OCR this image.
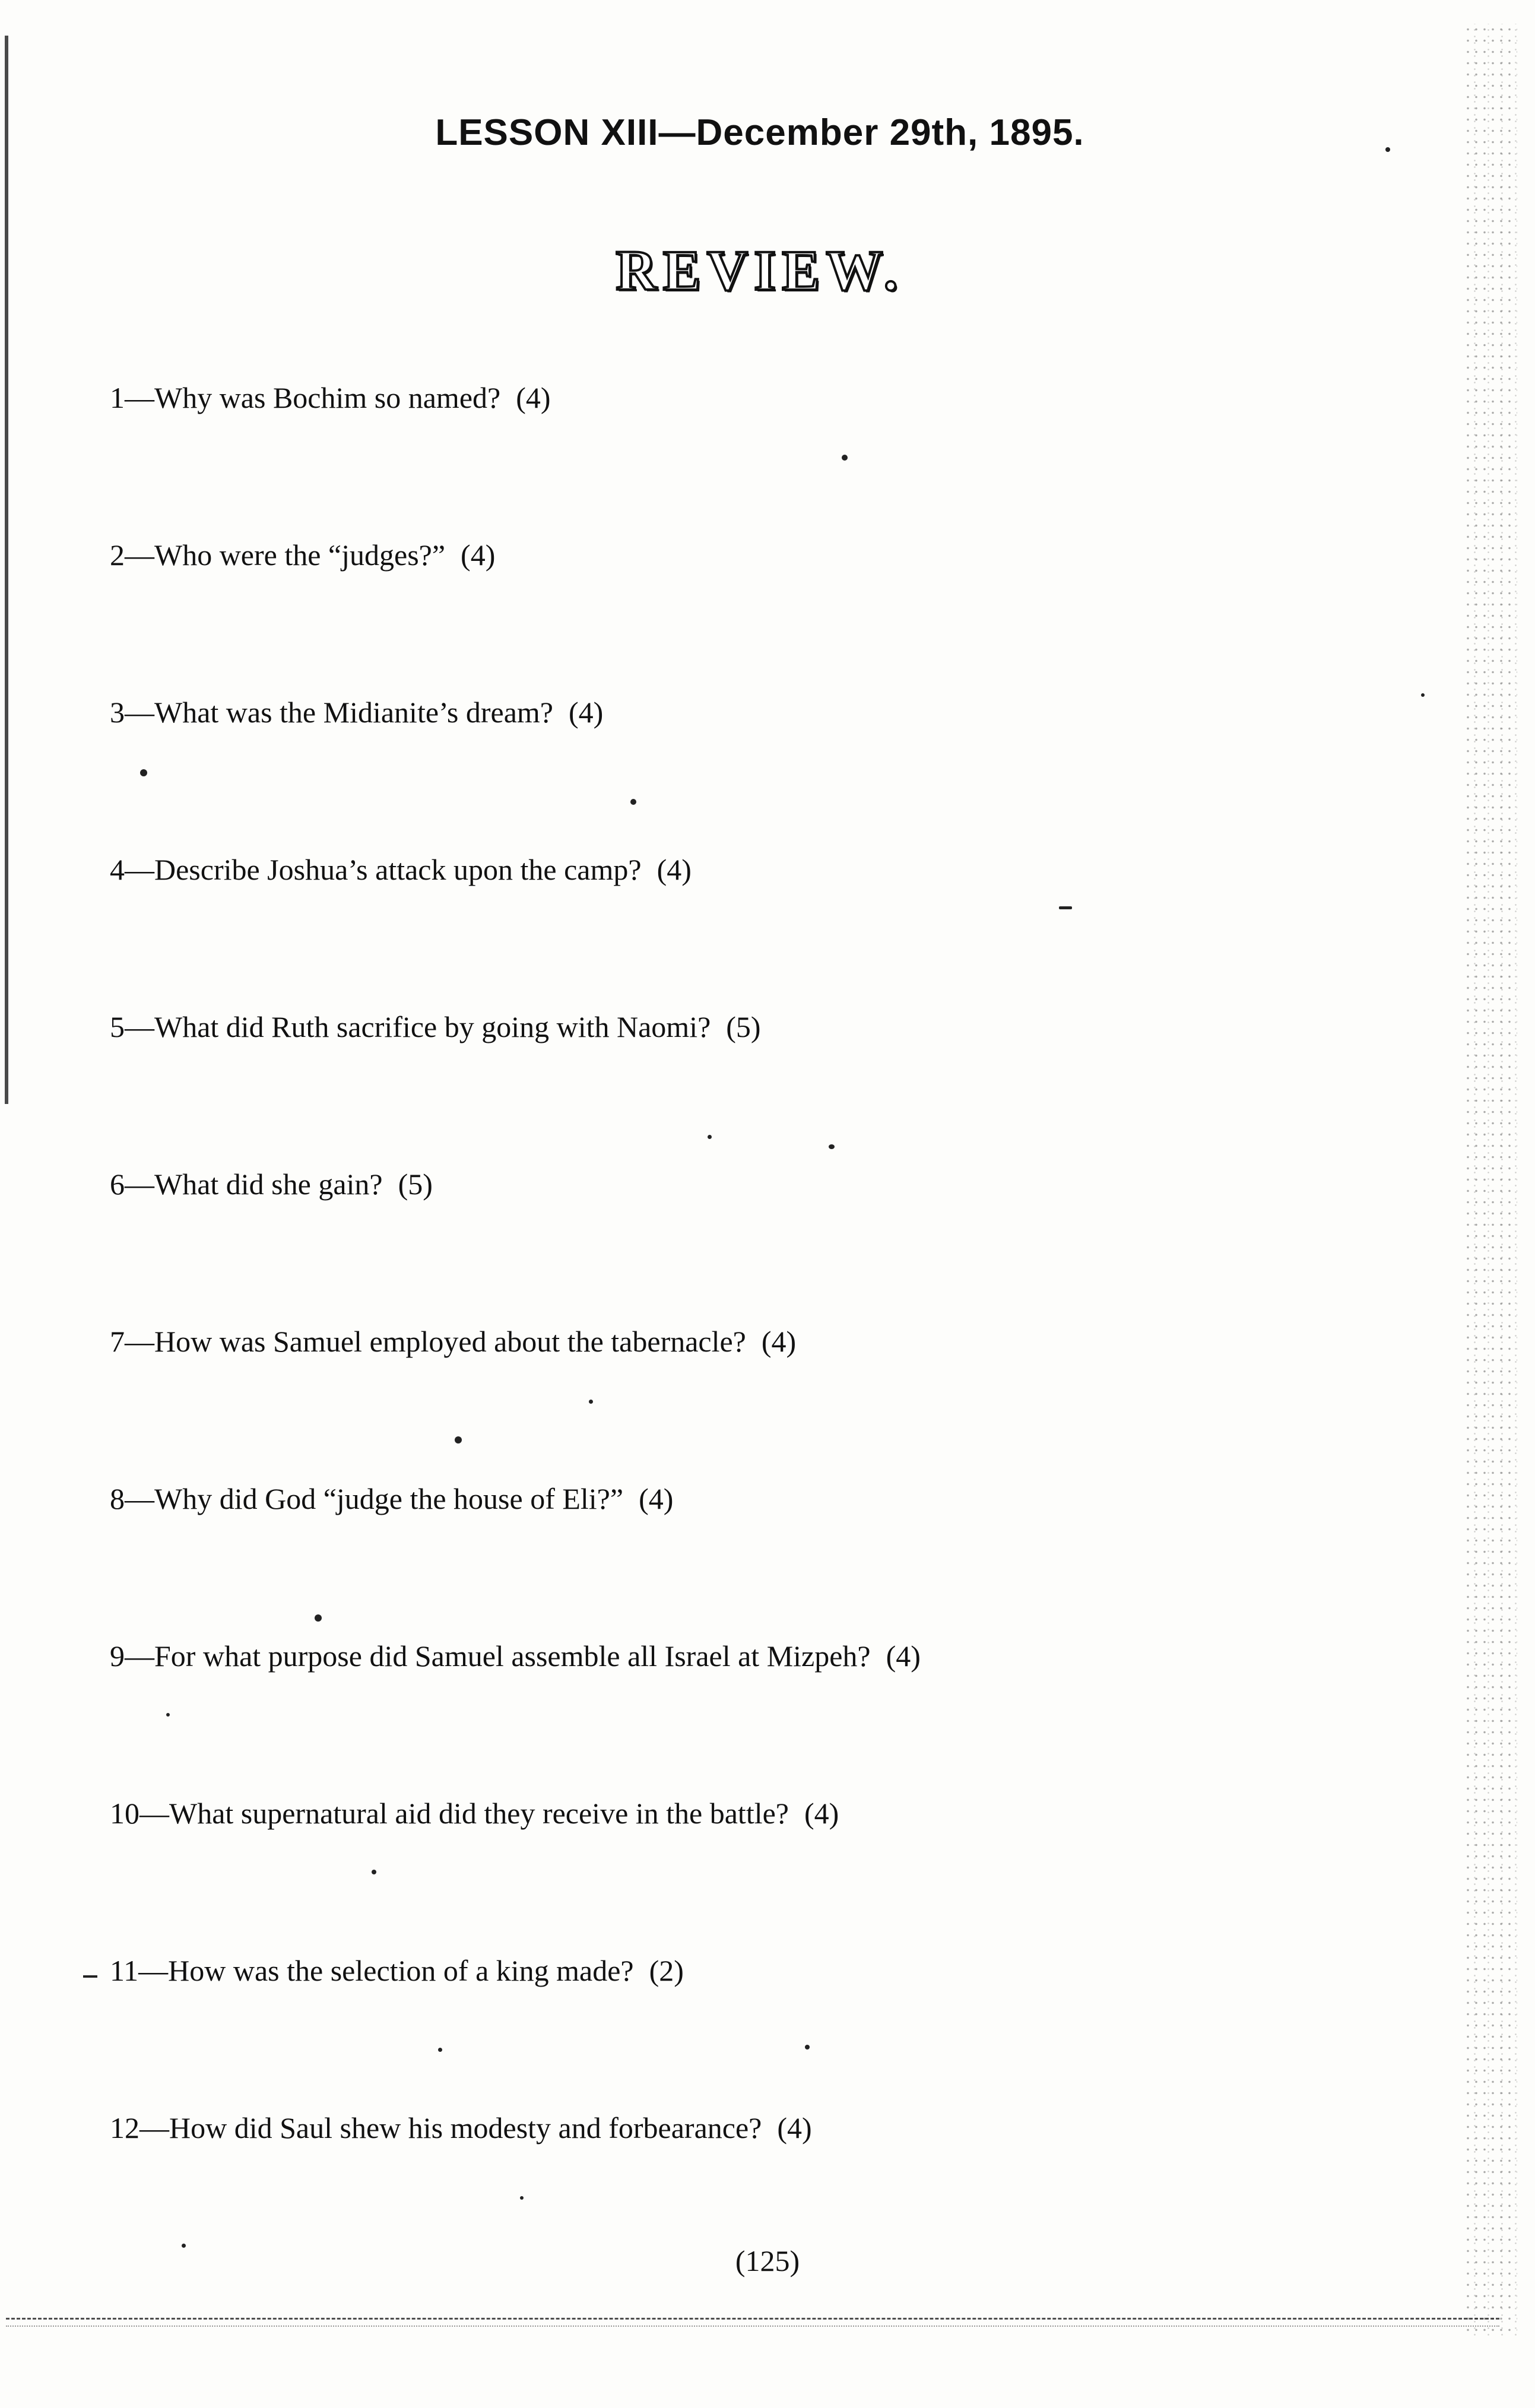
LESSON XIII—December 29th, 1895.
REVIEW.
1—Why was Bochim so named? (4)
2—Who were the “judges?” (4)
3—What was the Midianite’s dream? (4)
4—Describe Joshua’s attack upon the camp? (4)
5—What did Ruth sacrifice by going with Naomi? (5)
6—What did she gain? (5)
7—How was Samuel employed about the tabernacle? (4)
8—Why did God “judge the house of Eli?” (4)
9—For what purpose did Samuel assemble all Israel at Mizpeh? (4)
10—What supernatural aid did they receive in the battle? (4)
11—How was the selection of a king made? (2)
12—How did Saul shew his modesty and forbearance? (4)
(125)
